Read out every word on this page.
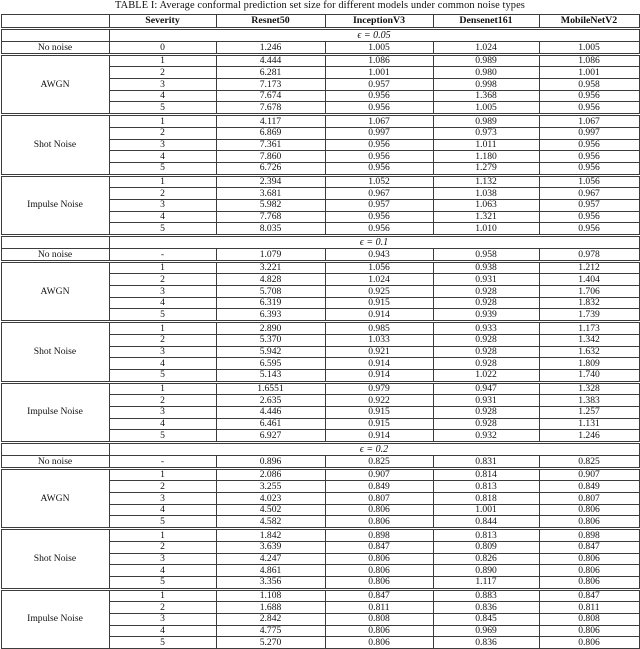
TABLE I: Average conformal prediction set size for different models under common noise types
	Severity	Resnet50	InceptionV3	Densenet161	MobileNetV2
	ϵ = 0.05				
No noise	0	1.246	1.005	1.024	1.005
AWGN	1	4.444	1.086	0.989	1.086
	2	6.281	1.001	0.980	1.001
	3	7.173	0.957	0.998	0.958
	4	7.674	0.956	1.368	0.956
	5	7.678	0.956	1.005	0.956
Shot Noise	1	4.117	1.067	0.989	1.067
	2	6.869	0.997	0.973	0.997
	3	7.361	0.956	1.011	0.956
	4	7.860	0.956	1.180	0.956
	5	6.726	0.956	1.279	0.956
Impulse Noise	1	2.394	1.052	1.132	1.056
	2	3.681	0.967	1.038	0.967
	3	5.982	0.957	1.063	0.957
	4	7.768	0.956	1.321	0.956
	5	8.035	0.956	1.010	0.956
	ϵ = 0.1				
No noise	-	1.079	0.943	0.958	0.978
AWGN	1	3.221	1.056	0.938	1.212
	2	4.828	1.024	0.931	1.404
	3	5.708	0.925	0.928	1.706
	4	6.319	0.915	0.928	1.832
	5	6.393	0.914	0.939	1.739
Shot Noise	1	2.890	0.985	0.933	1.173
	2	5.370	1.033	0.928	1.342
	3	5.942	0.921	0.928	1.632
	4	6.595	0.914	0.928	1.809
	5	5.143	0.914	1.022	1.740
Impulse Noise	1	1.6551	0.979	0.947	1.328
	2	2.635	0.922	0.931	1.383
	3	4.446	0.915	0.928	1.257
	4	6.461	0.915	0.928	1.131
	5	6.927	0.914	0.932	1.246
	ϵ = 0.2				
No noise	-	0.896	0.825	0.831	0.825
AWGN	1	2.086	0.907	0.814	0.907
	2	3.255	0.849	0.813	0.849
	3	4.023	0.807	0.818	0.807
	4	4.502	0.806	1.001	0.806
	5	4.582	0.806	0.844	0.806
Shot Noise	1	1.842	0.898	0.813	0.898
	2	3.639	0.847	0.809	0.847
	3	4.247	0.806	0.826	0.806
	4	4.861	0.806	0.890	0.806
	5	3.356	0.806	1.117	0.806
Impulse Noise	1	1.108	0.847	0.883	0.847
	2	1.688	0.811	0.836	0.811
	3	2.842	0.808	0.845	0.808
	4	4.775	0.806	0.969	0.806
	5	5.270	0.806	0.836	0.806
